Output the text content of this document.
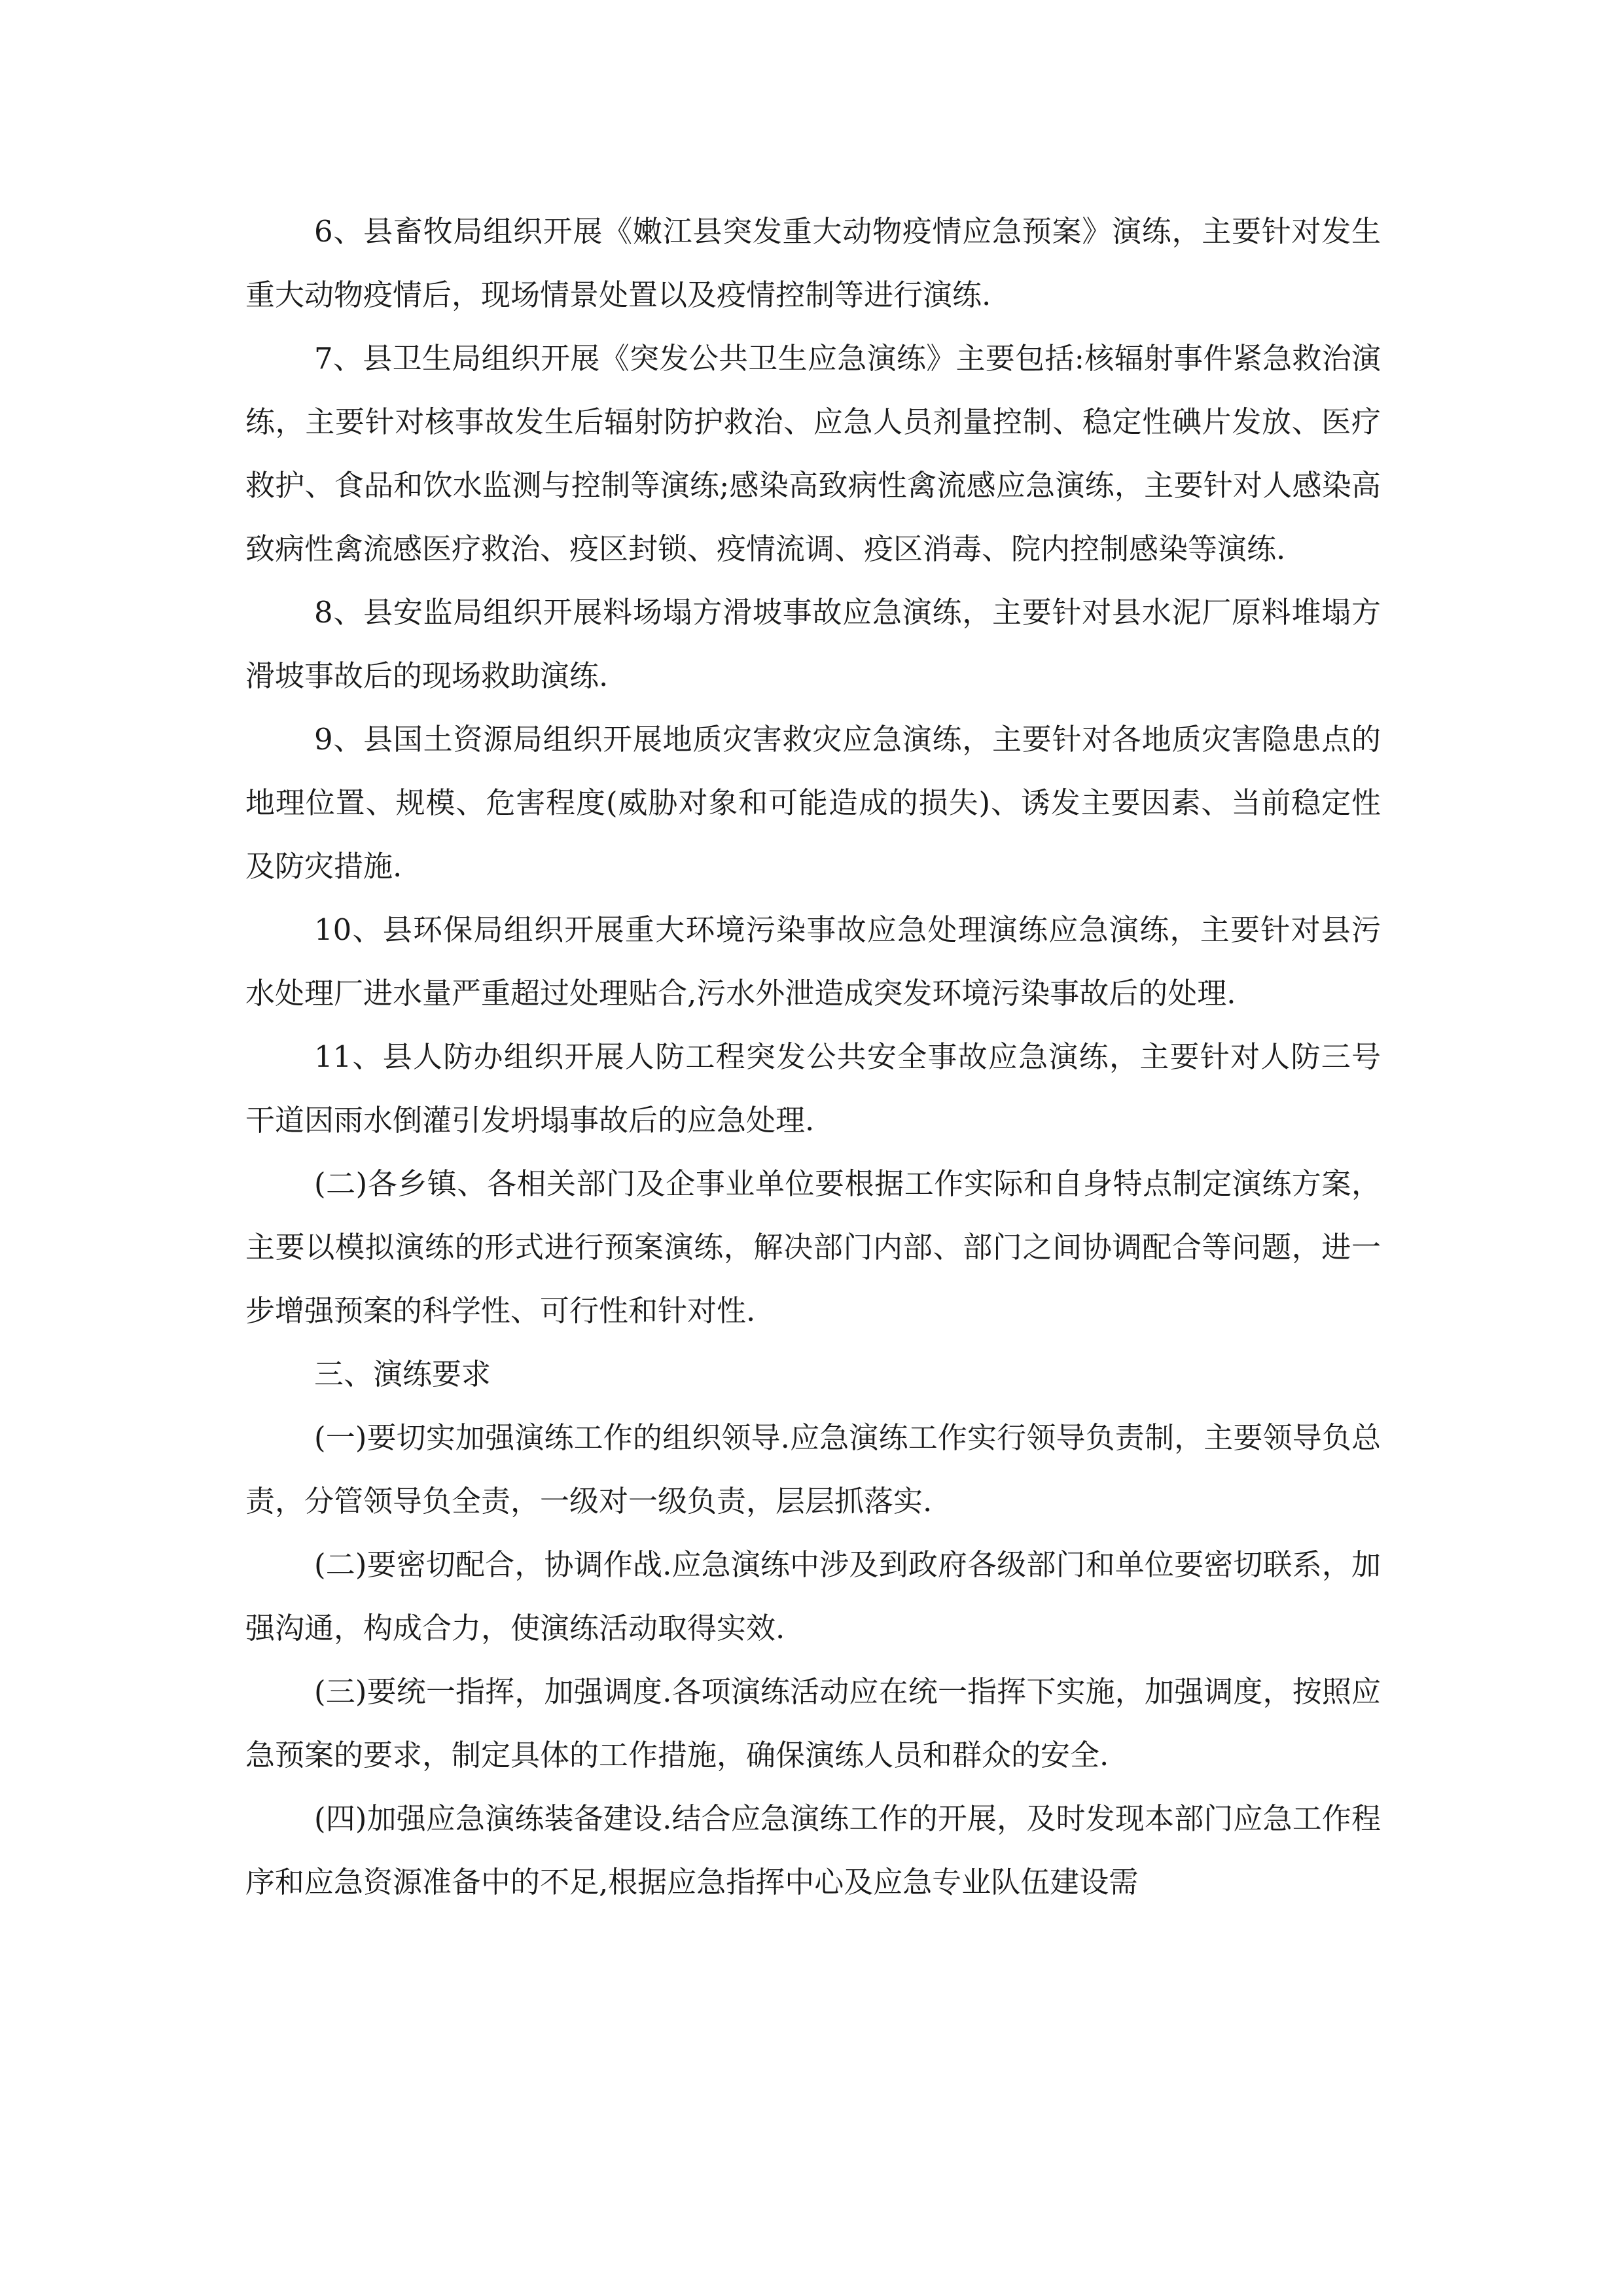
6、县畜牧局组织开展《嫩江县突发重大动物疫情应急预案》演练，主要针对发生重大动物疫情后，现场情景处置以及疫情控制等进行演练.

7、县卫生局组织开展《突发公共卫生应急演练》主要包括:核辐射事件紧急救治演练，主要针对核事故发生后辐射防护救治、应急人员剂量控制、稳定性碘片发放、医疗救护、食品和饮水监测与控制等演练;感染高致病性禽流感应急演练，主要针对人感染高致病性禽流感医疗救治、疫区封锁、疫情流调、疫区消毒、院内控制感染等演练.

8、县安监局组织开展料场塌方滑坡事故应急演练，主要针对县水泥厂原料堆塌方滑坡事故后的现场救助演练.

9、县国土资源局组织开展地质灾害救灾应急演练，主要针对各地质灾害隐患点的地理位置、规模、危害程度(威胁对象和可能造成的损失)、诱发主要因素、当前稳定性及防灾措施.

10、县环保局组织开展重大环境污染事故应急处理演练应急演练，主要针对县污水处理厂进水量严重超过处理贴合,污水外泄造成突发环境污染事故后的处理.

11、县人防办组织开展人防工程突发公共安全事故应急演练，主要针对人防三号干道因雨水倒灌引发坍塌事故后的应急处理.

(二)各乡镇、各相关部门及企事业单位要根据工作实际和自身特点制定演练方案，主要以模拟演练的形式进行预案演练，解决部门内部、部门之间协调配合等问题，进一步增强预案的科学性、可行性和针对性.

三、演练要求

(一)要切实加强演练工作的组织领导.应急演练工作实行领导负责制，主要领导负总责，分管领导负全责，一级对一级负责，层层抓落实.

(二)要密切配合，协调作战.应急演练中涉及到政府各级部门和单位要密切联系，加强沟通，构成合力，使演练活动取得实效.

(三)要统一指挥，加强调度.各项演练活动应在统一指挥下实施，加强调度，按照应急预案的要求，制定具体的工作措施，确保演练人员和群众的安全.

(四)加强应急演练装备建设.结合应急演练工作的开展，及时发现本部门应急工作程序和应急资源准备中的不足,根据应急指挥中心及应急专业队伍建设需
